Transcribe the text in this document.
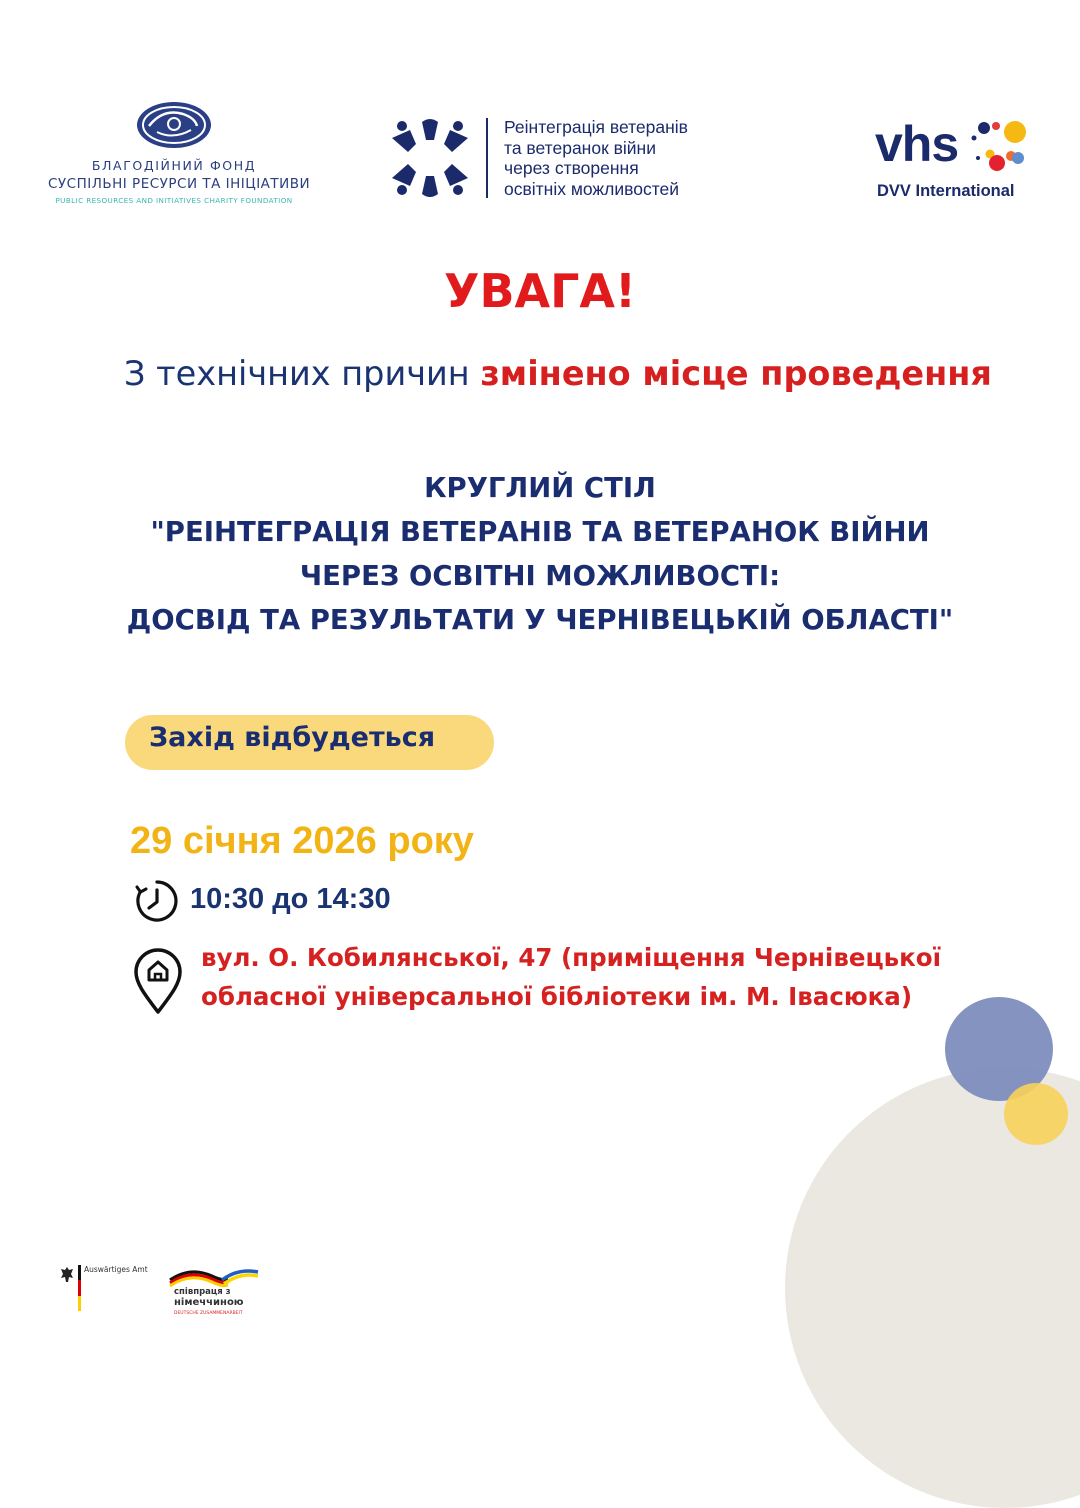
БЛАГОДІЙНИЙ ФОНД
СУСПІЛЬНІ РЕСУРСИ ТА ІНІЦІАТИВИ
PUBLIC RESOURCES AND INITIATIVES CHARITY FOUNDATION
Реінтеграція ветеранів
та ветеранок війни
через створення
освітніх можливостей
vhs
DVV International
УВАГА!
З технічних причин змінено місце проведення
КРУГЛИЙ СТІЛ
"РЕІНТЕГРАЦІЯ ВЕТЕРАНІВ ТА ВЕТЕРАНОК ВІЙНИ
ЧЕРЕЗ ОСВІТНІ МОЖЛИВОСТІ:
ДОСВІД ТА РЕЗУЛЬТАТИ У ЧЕРНІВЕЦЬКІЙ ОБЛАСТІ"
Захід відбудеться
29 січня 2026 року
10:30 до 14:30
вул. О. Кобилянської, 47 (приміщення Чернівецької
обласної універсальної бібліотеки ім. М. Івасюка)
Auswärtiges Amt
співпраця з
німеччиною
DEUTSCHE ZUSAMMENARBEIT
